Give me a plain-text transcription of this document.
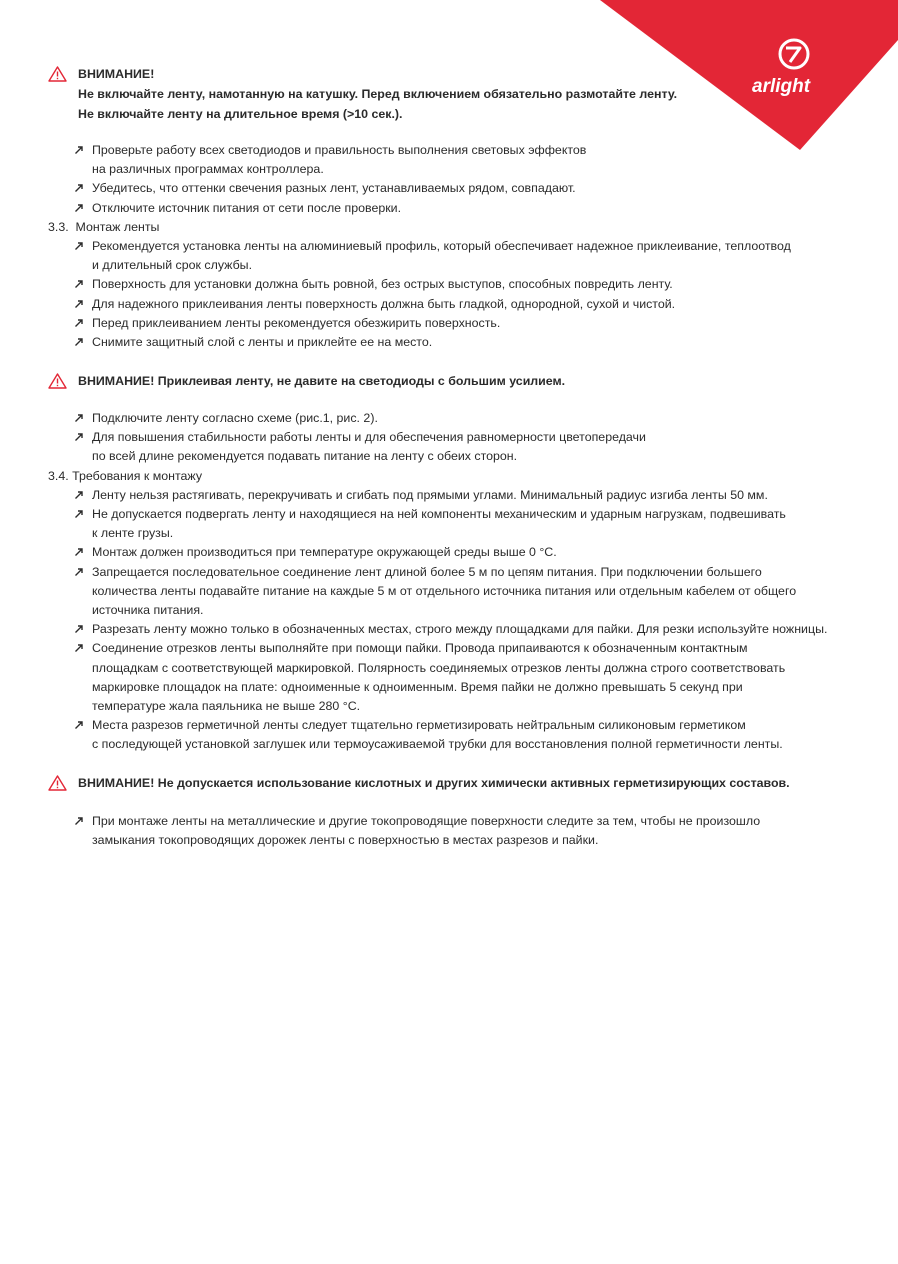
arlight
ВНИМАНИЕ!
Не включайте ленту, намотанную на катушку. Перед включением обязательно размотайте ленту.
Не включайте ленту на длительное время (>10 сек.).
Проверьте работу всех светодиодов и правильность выполнения световых эффектов
на различных программах контроллера.
Убедитесь, что оттенки свечения разных лент, устанавливаемых рядом, совпадают.
Отключите источник питания от сети после проверки.
3.3.  Монтаж ленты
Рекомендуется установка ленты на алюминиевый профиль, который обеспечивает надежное приклеивание, теплоотвод
и длительный срок службы.
Поверхность для установки должна быть ровной, без острых выступов, способных повредить ленту.
Для надежного приклеивания ленты поверхность должна быть гладкой, однородной, сухой и чистой.
Перед приклеиванием ленты рекомендуется обезжирить поверхность.
Снимите защитный слой с ленты и приклейте ее на место.
ВНИМАНИЕ! Приклеивая ленту, не давите на светодиоды с большим усилием.
Подключите ленту согласно схеме (рис.1, рис. 2).
Для повышения стабильности работы ленты и для обеспечения равномерности цветопередачи
по всей длине рекомендуется подавать питание на ленту с обеих сторон.
3.4. Требования к монтажу
Ленту нельзя растягивать, перекручивать и сгибать под прямыми углами. Минимальный радиус изгиба ленты 50 мм.
Не допускается подвергать ленту и находящиеся на ней компоненты механическим и ударным нагрузкам, подвешивать
к ленте грузы.
Монтаж должен производиться при температуре окружающей среды выше 0 °С.
Запрещается последовательное соединение лент длиной более 5 м по цепям питания. При подключении большего
количества ленты подавайте питание на каждые 5 м от отдельного источника питания или отдельным кабелем от общего
источника питания.
Разрезать ленту можно только в обозначенных местах, строго между площадками для пайки. Для резки используйте ножницы.
Соединение отрезков ленты выполняйте при помощи пайки. Провода припаиваются к обозначенным контактным
площадкам с соответствующей маркировкой. Полярность соединяемых отрезков ленты должна строго соответствовать
маркировке площадок на плате: одноименные к одноименным. Время пайки не должно превышать 5 секунд при
температуре жала паяльника не выше 280 °С.
Места разрезов герметичной ленты следует тщательно герметизировать нейтральным силиконовым герметиком
с последующей установкой заглушек или термоусаживаемой трубки для восстановления полной герметичности ленты.
ВНИМАНИЕ! Не допускается использование кислотных и других химически активных герметизирующих составов.
При монтаже ленты на металлические и другие токопроводящие поверхности следите за тем, чтобы не произошло
замыкания токопроводящих дорожек ленты с поверхностью в местах разрезов и пайки.
